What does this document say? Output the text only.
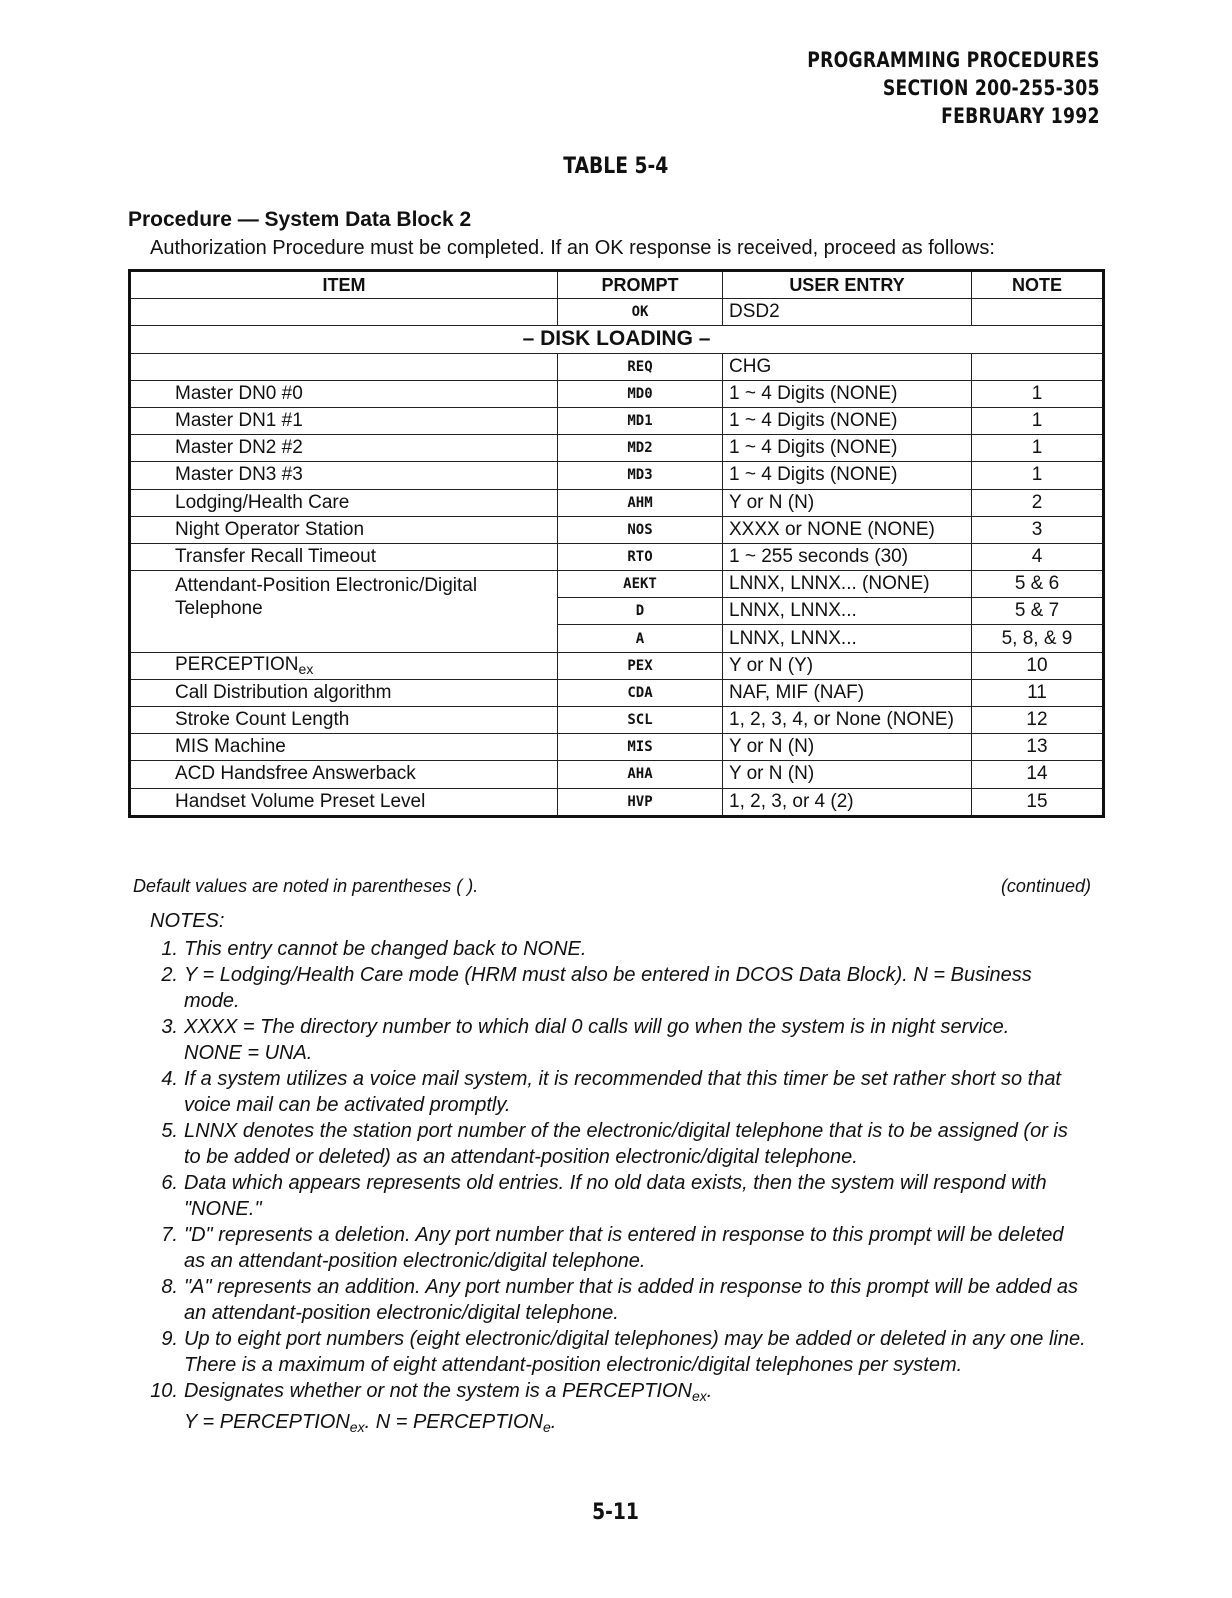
PROGRAMMING PROCEDURES
SECTION 200-255-305
FEBRUARY 1992
TABLE 5-4
Procedure — System Data Block 2
Authorization Procedure must be completed. If an OK response is received, proceed as follows:
ITEM	PROMPT	USER ENTRY	NOTE
	OK	DSD2	
– DISK LOADING –			
	REQ	CHG	
Master DN0 #0	MD0	1 ~ 4 Digits (NONE)	1
Master DN1 #1	MD1	1 ~ 4 Digits (NONE)	1
Master DN2 #2	MD2	1 ~ 4 Digits (NONE)	1
Master DN3 #3	MD3	1 ~ 4 Digits (NONE)	1
Lodging/Health Care	AHM	Y or N (N)	2
Night Operator Station	NOS	XXXX or NONE (NONE)	3
Transfer Recall Timeout	RTO	1 ~ 255 seconds (30)	4
Attendant-Position Electronic/Digital Telephone	AEKT	LNNX, LNNX... (NONE)	5 & 6
	D	LNNX, LNNX...	5 & 7
	A	LNNX, LNNX...	5, 8, & 9
$PERCEPTION_{ex}$	PEX	Y or N (Y)	10
Call Distribution algorithm	CDA	NAF, MIF (NAF)	11
Stroke Count Length	SCL	1, 2, 3, 4, or None (NONE)	12
MIS Machine	MIS	Y or N (N)	13
ACD Handsfree Answerback	AHA	Y or N (N)	14
Handset Volume Preset Level	HVP	1, 2, 3, or 4 (2)	15
Default values are noted in parentheses ( ).	(continued)
NOTES:
1. This entry cannot be changed back to NONE.
2. Y = Lodging/Health Care mode (HRM must also be entered in DCOS Data Block). N = Business mode.
3. XXXX = The directory number to which dial 0 calls will go when the system is in night service.
NONE = UNA.
4. If a system utilizes a voice mail system, it is recommended that this timer be set rather short so that voice mail can be activated promptly.
5. LNNX denotes the station port number of the electronic/digital telephone that is to be assigned (or is to be added or deleted) as an attendant-position electronic/digital telephone.
6. Data which appears represents old entries. If no old data exists, then the system will respond with "NONE."
7. "D" represents a deletion. Any port number that is entered in response to this prompt will be deleted as an attendant-position electronic/digital telephone.
8. "A" represents an addition. Any port number that is added in response to this prompt will be added as an attendant-position electronic/digital telephone.
9. Up to eight port numbers (eight electronic/digital telephones) may be added or deleted in any one line. There is a maximum of eight attendant-position electronic/digital telephones per system.
10. Designates whether or not the system is a $PERCEPTION_{ex}$.
$Y = PERCEPTION_{ex}$. $N = PERCEPTION_e$.
5-11
